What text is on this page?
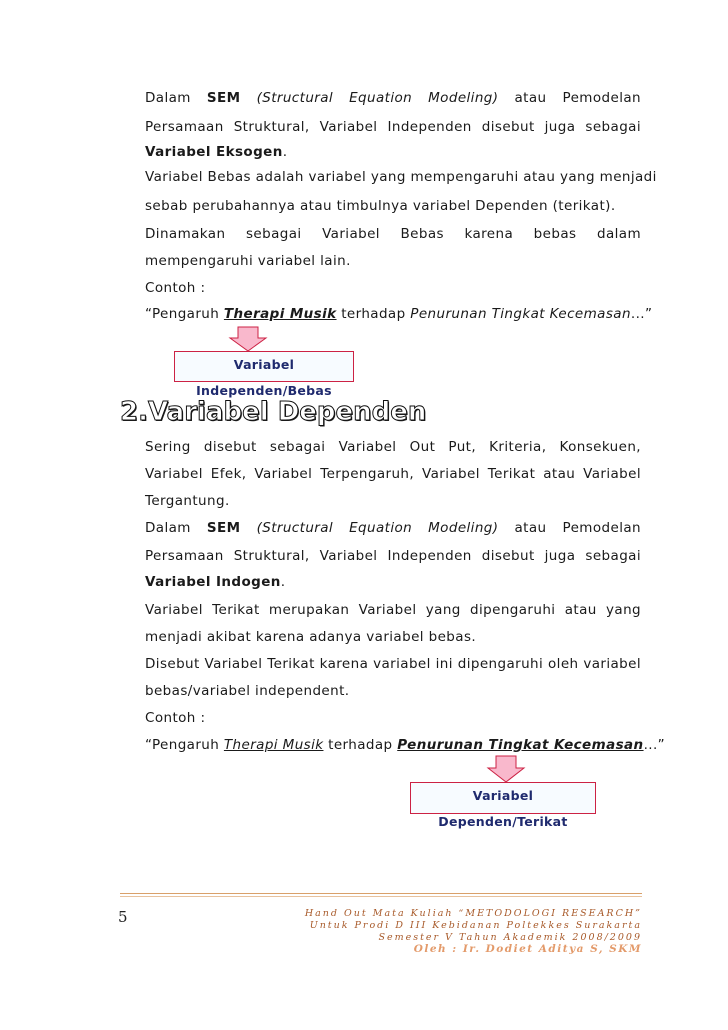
Dalam SEM (Structural Equation Modeling) atau Pemodelan
Persamaan Struktural, Variabel Independen disebut juga sebagai
Variabel Eksogen.
Variabel Bebas adalah variabel yang mempengaruhi atau yang menjadi
sebab perubahannya atau timbulnya variabel Dependen (terikat).
Dinamakan sebagai Variabel Bebas karena bebas dalam
mempengaruhi variabel lain.
Contoh :
“Pengaruh Therapi Musik terhadap Penurunan Tingkat Kecemasan...”
Variabel Independen/Bebas
2.Variabel Dependen
Sering disebut sebagai Variabel Out Put, Kriteria, Konsekuen,
Variabel Efek, Variabel Terpengaruh, Variabel Terikat atau Variabel
Tergantung.
Dalam SEM (Structural Equation Modeling) atau Pemodelan
Persamaan Struktural, Variabel Independen disebut juga sebagai
Variabel Indogen.
Variabel Terikat merupakan Variabel yang dipengaruhi atau yang
menjadi akibat karena adanya variabel bebas.
Disebut Variabel Terikat karena variabel ini dipengaruhi oleh variabel
bebas/variabel independent.
Contoh :
“Pengaruh Therapi Musik terhadap Penurunan Tingkat Kecemasan...”
Variabel Dependen/Terikat
5	Hand Out Mata Kuliah “METODOLOGI RESEARCH”
Untuk Prodi D III Kebidanan Poltekkes Surakarta
Semester V Tahun Akademik 2008/2009
Oleh : Ir. Dodiet Aditya S, SKM
